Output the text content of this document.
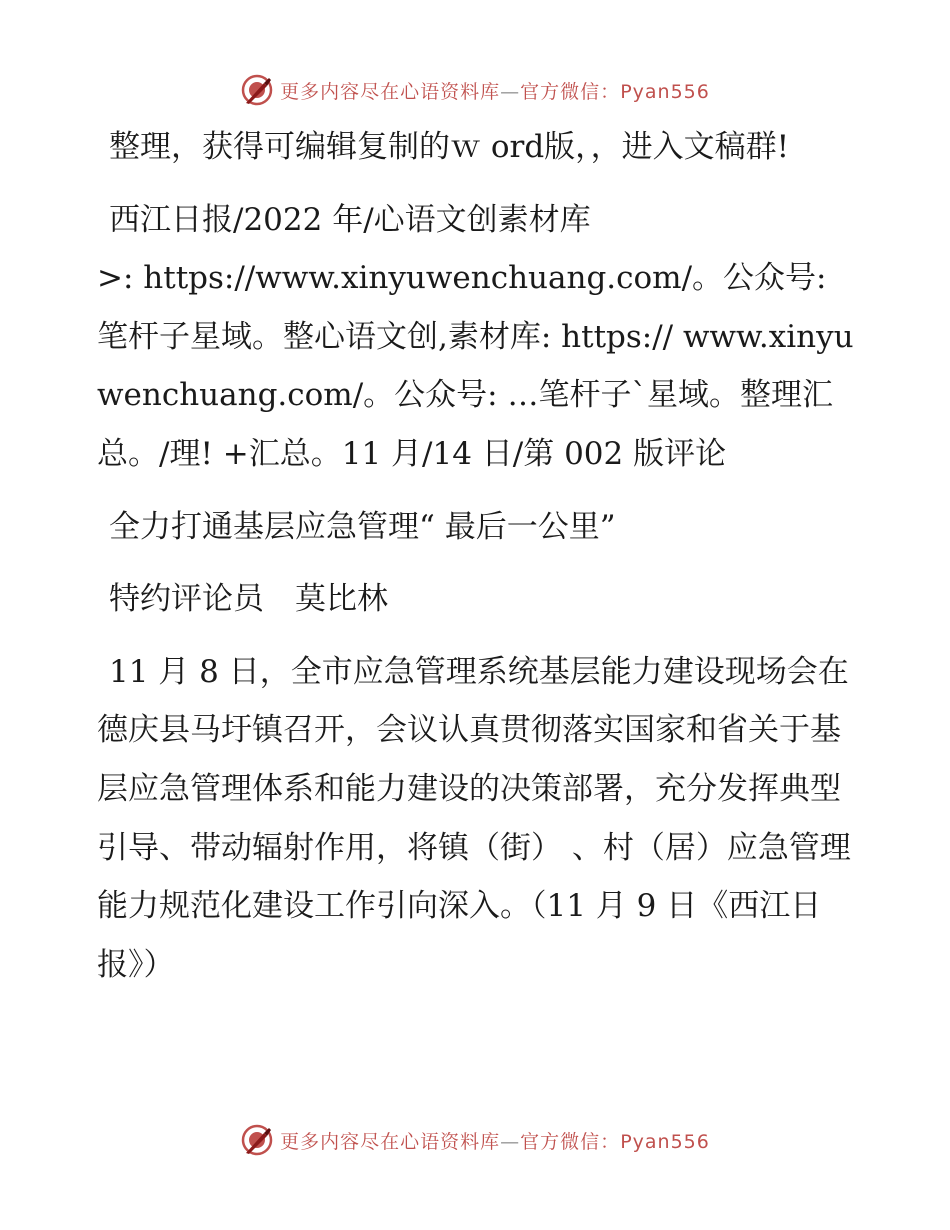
更多内容尽在心语资料库—官方微信：Pyan556

整理，获得可编辑复制的ｗ ord版，，进入文稿群!

西江日报/2022 年/心语文创素材库

>: https://www.xinyuwenchuang.com/。公众号: 笔杆子星域。整心语文创,素材库: https:// www.xinyuwenchuang.com/。公众号: …笔杆子`星域。整理汇总。/理! +汇总。11 月/14 日/第 002 版评论

全力打通基层应急管理“ 最后一公里”

特约评论员　莫比林

11 月 8 日，全市应急管理系统基层能力建设现场会在德庆县马圩镇召开，会议认真贯彻落实国家和省关于基层应急管理体系和能力建设的决策部署，充分发挥典型引导、带动辐射作用，将镇（街） 、村（居）应急管理能力规范化建设工作引向深入。（11 月 9 日《西江日报》）

更多内容尽在心语资料库—官方微信：Pyan556
